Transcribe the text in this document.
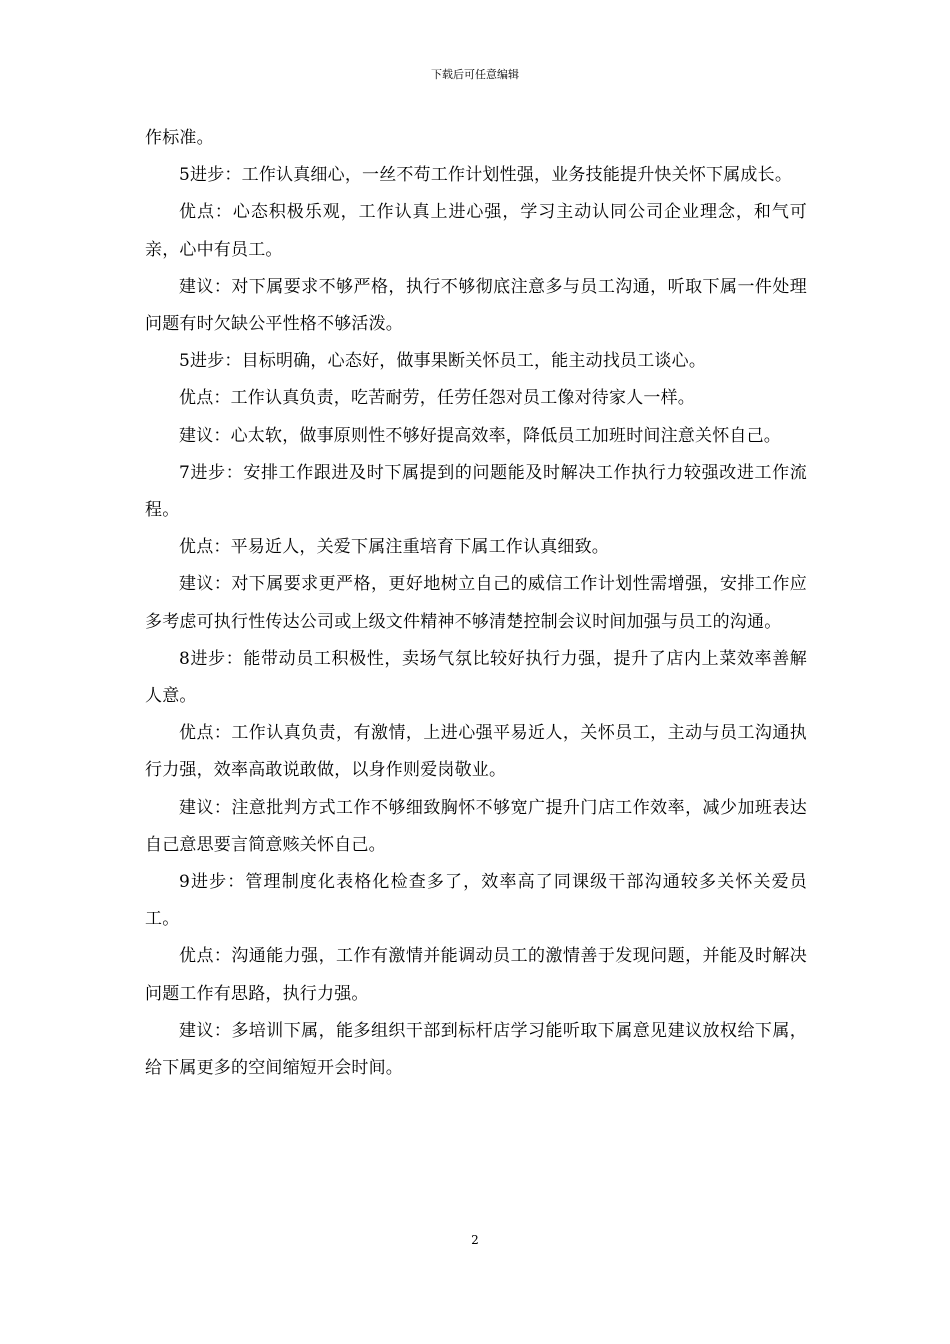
下载后可任意编辑

作标准。

5进步：工作认真细心，一丝不苟工作计划性强，业务技能提升快关怀下属成长。

优点：心态积极乐观，工作认真上进心强，学习主动认同公司企业理念，和气可亲，心中有员工。

建议：对下属要求不够严格，执行不够彻底注意多与员工沟通，听取下属一件处理问题有时欠缺公平性格不够活泼。

5进步：目标明确，心态好，做事果断关怀员工，能主动找员工谈心。

优点：工作认真负责，吃苦耐劳，任劳任怨对员工像对待家人一样。

建议：心太软，做事原则性不够好提高效率，降低员工加班时间注意关怀自己。

7进步：安排工作跟进及时下属提到的问题能及时解决工作执行力较强改进工作流程。

优点：平易近人，关爱下属注重培育下属工作认真细致。

建议：对下属要求更严格，更好地树立自己的威信工作计划性需增强，安排工作应多考虑可执行性传达公司或上级文件精神不够清楚控制会议时间加强与员工的沟通。

8进步：能带动员工积极性，卖场气氛比较好执行力强，提升了店内上菜效率善解人意。

优点：工作认真负责，有激情，上进心强平易近人，关怀员工，主动与员工沟通执行力强，效率高敢说敢做，以身作则爱岗敬业。

建议：注意批判方式工作不够细致胸怀不够宽广提升门店工作效率，减少加班表达自己意思要言简意赅关怀自己。

9进步：管理制度化表格化检查多了，效率高了同课级干部沟通较多关怀关爱员工。

优点：沟通能力强，工作有激情并能调动员工的激情善于发现问题，并能及时解决问题工作有思路，执行力强。

建议：多培训下属，能多组织干部到标杆店学习能听取下属意见建议放权给下属，给下属更多的空间缩短开会时间。

2
